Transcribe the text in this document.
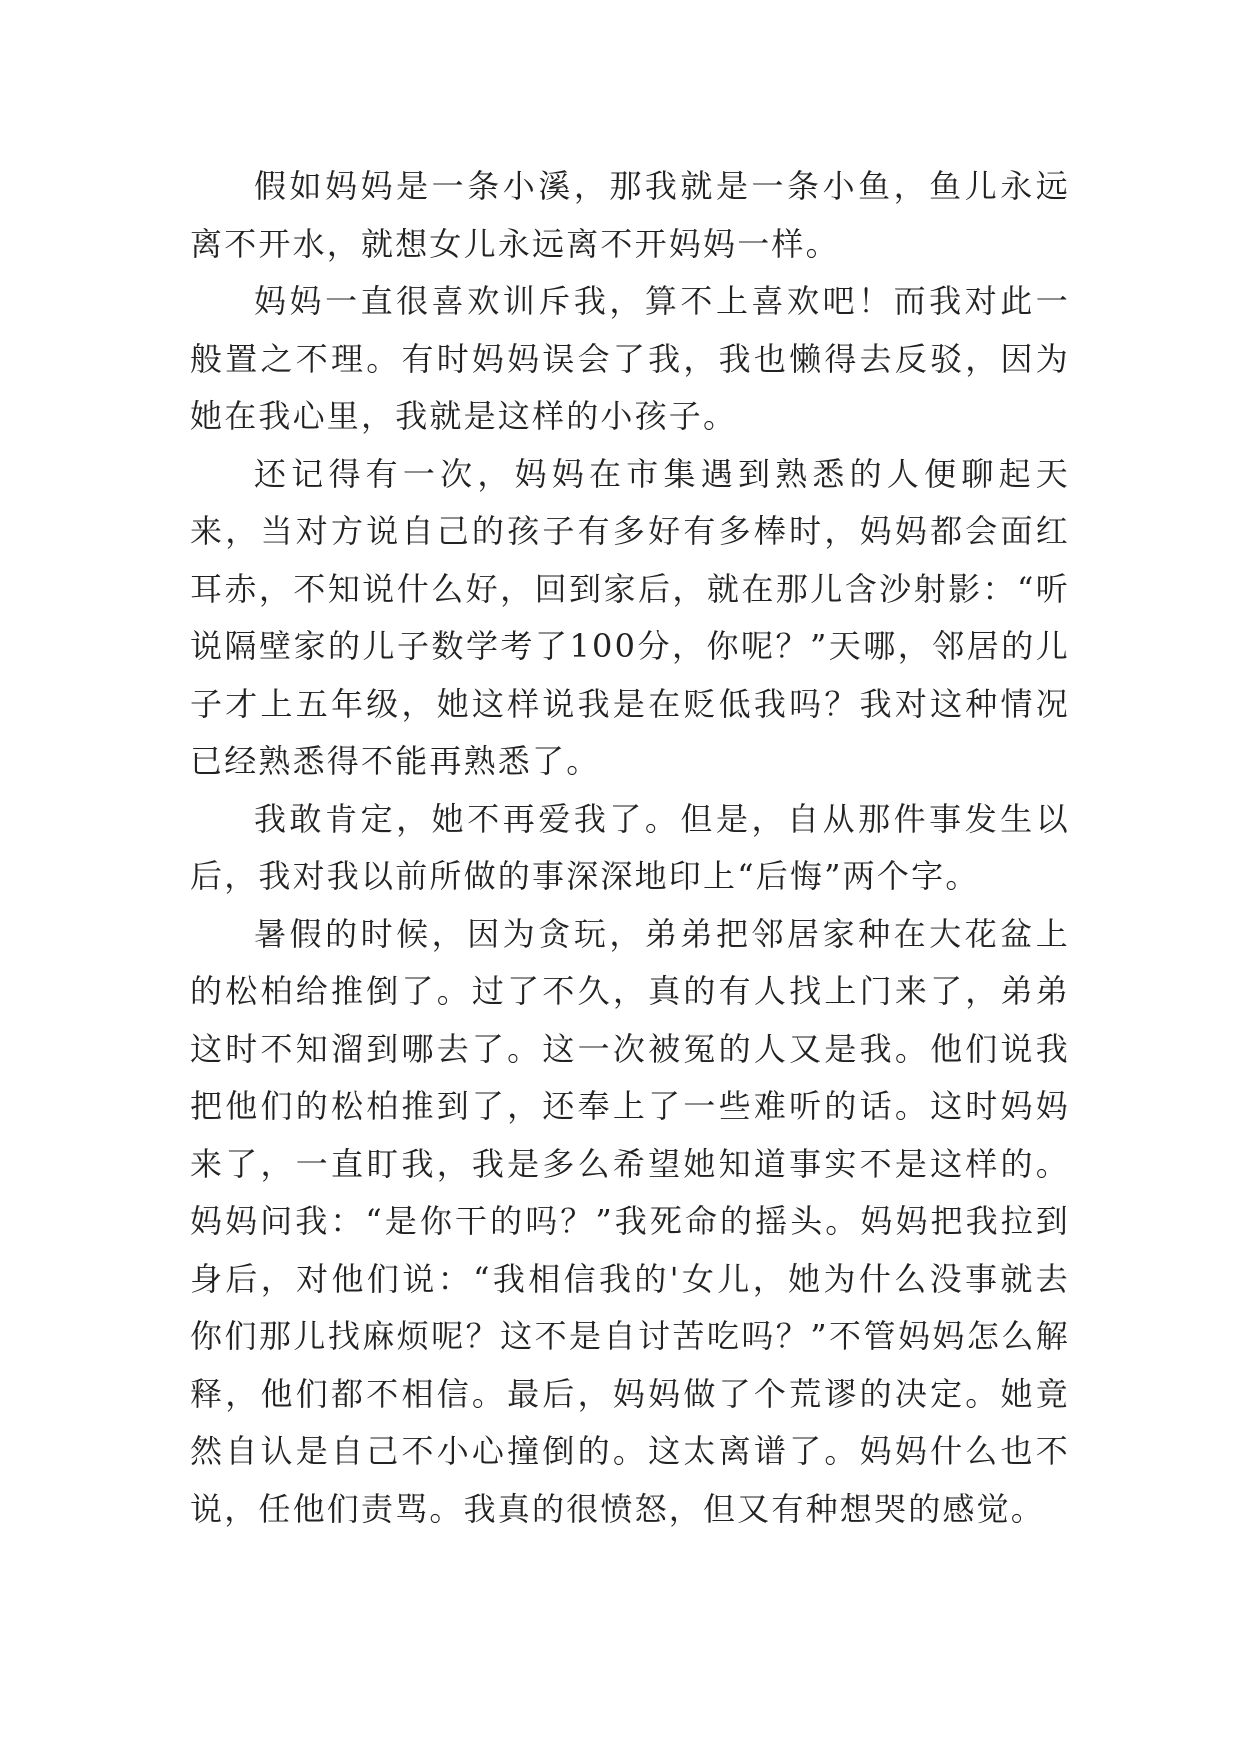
假如妈妈是一条小溪，那我就是一条小鱼，鱼儿永远离不开水，就想女儿永远离不开妈妈一样。

妈妈一直很喜欢训斥我，算不上喜欢吧！而我对此一般置之不理。有时妈妈误会了我，我也懒得去反驳，因为她在我心里，我就是这样的小孩子。

还记得有一次，妈妈在市集遇到熟悉的人便聊起天来，当对方说自己的孩子有多好有多棒时，妈妈都会面红耳赤，不知说什么好，回到家后，就在那儿含沙射影：“听说隔壁家的儿子数学考了100分，你呢？”天哪，邻居的儿子才上五年级，她这样说我是在贬低我吗？我对这种情况已经熟悉得不能再熟悉了。

我敢肯定，她不再爱我了。但是，自从那件事发生以后，我对我以前所做的事深深地印上“后悔”两个字。

暑假的时候，因为贪玩，弟弟把邻居家种在大花盆上的松柏给推倒了。过了不久，真的有人找上门来了，弟弟这时不知溜到哪去了。这一次被冤的人又是我。他们说我把他们的松柏推到了，还奉上了一些难听的话。这时妈妈来了，一直盯我，我是多么希望她知道事实不是这样的。妈妈问我：“是你干的吗？”我死命的摇头。妈妈把我拉到身后，对他们说：“我相信我的'女儿，她为什么没事就去你们那儿找麻烦呢？这不是自讨苦吃吗？”不管妈妈怎么解释，他们都不相信。最后，妈妈做了个荒谬的决定。她竟然自认是自己不小心撞倒的。这太离谱了。妈妈什么也不说，任他们责骂。我真的很愤怒，但又有种想哭的感觉。
